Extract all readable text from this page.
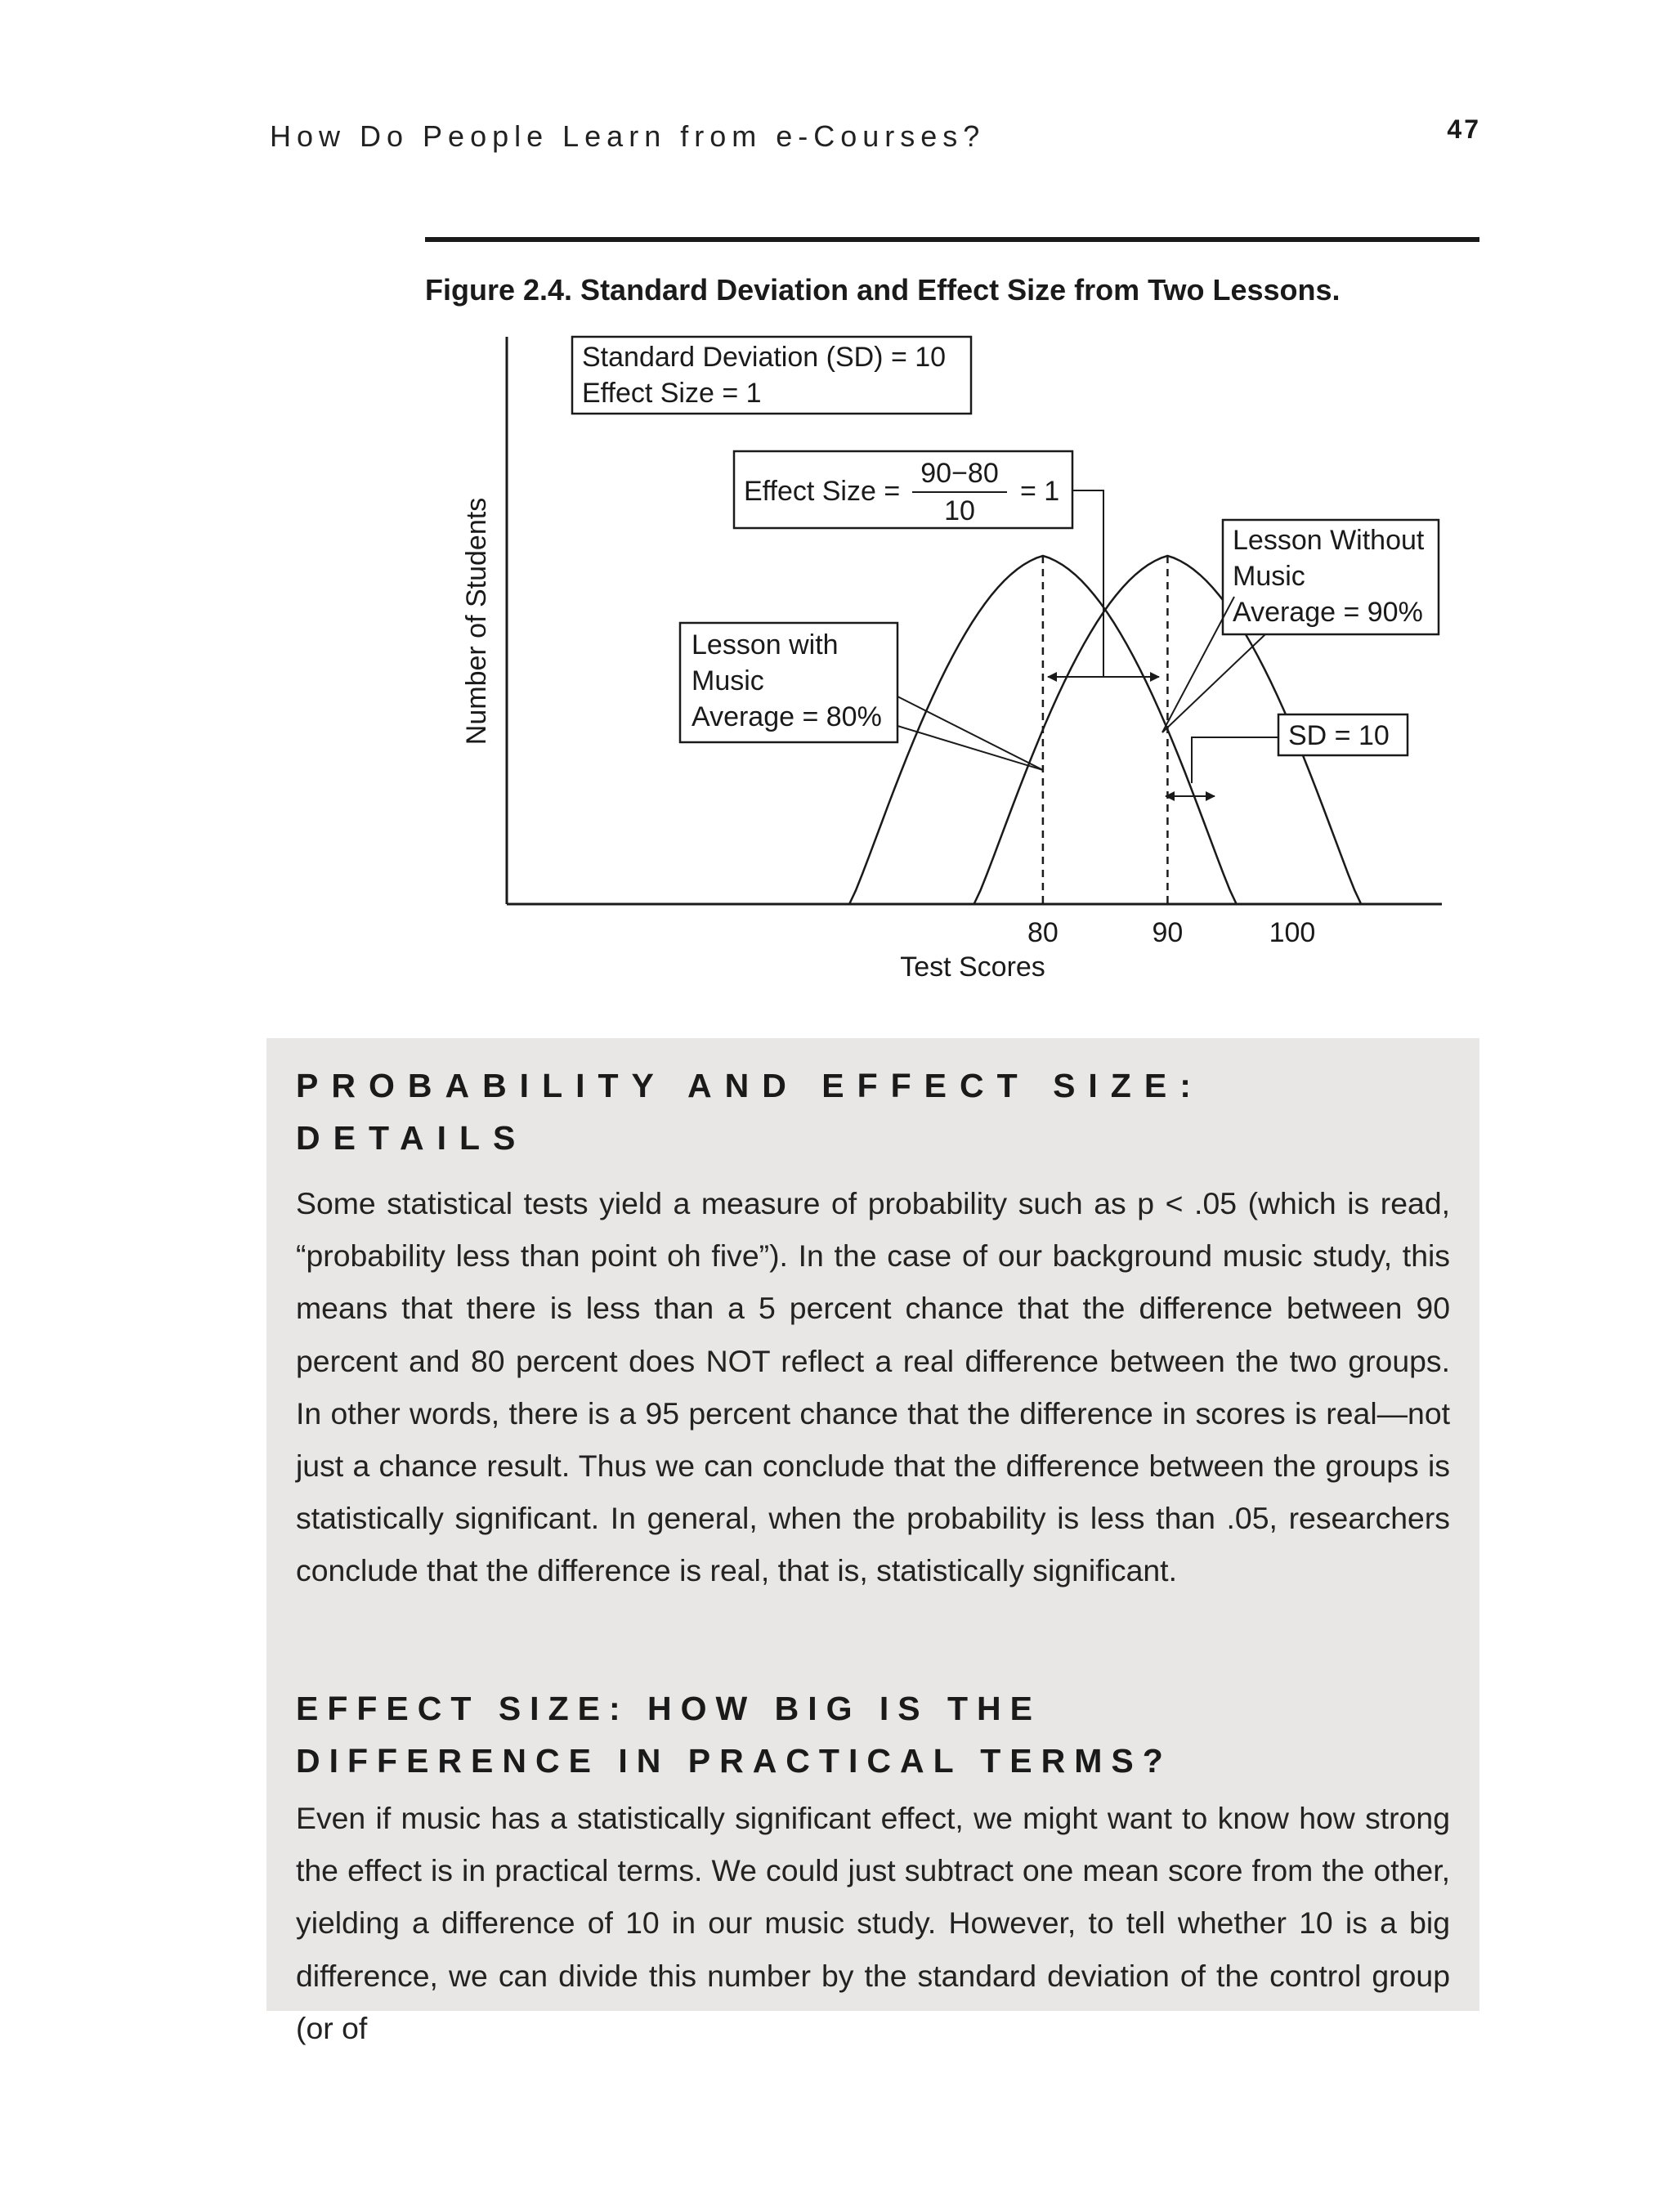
How Do People Learn from e-Courses?	47
Figure 2.4. Standard Deviation and Effect Size from Two Lessons.
Number of Students
Test Scores
80	90	100
Standard Deviation (SD) = 10
Effect Size = 1
Effect Size =
90−80
10
= 1
Lesson Without
Music
Average = 90%
Lesson with
Music
Average = 80%
SD = 10
PROBABILITY AND EFFECT SIZE: DETAILS

Some statistical tests yield a measure of probability such as p < .05 (which is read, “probability less than point oh five”). In the case of our background music study, this means that there is less than a 5 percent chance that the difference between 90 percent and 80 percent does NOT reflect a real difference between the two groups. In other words, there is a 95 percent chance that the difference in scores is real—not just a chance result. Thus we can conclude that the difference between the groups is statistically significant. In general, when the probability is less than .05, researchers conclude that the difference is real, that is, statistically significant.

EFFECT SIZE: HOW BIG IS THE DIFFERENCE IN PRACTICAL TERMS?

Even if music has a statistically significant effect, we might want to know how strong the effect is in practical terms. We could just subtract one mean score from the other, yielding a difference of 10 in our music study. However, to tell whether 10 is a big difference, we can divide this number by the standard deviation of the control group (or of
